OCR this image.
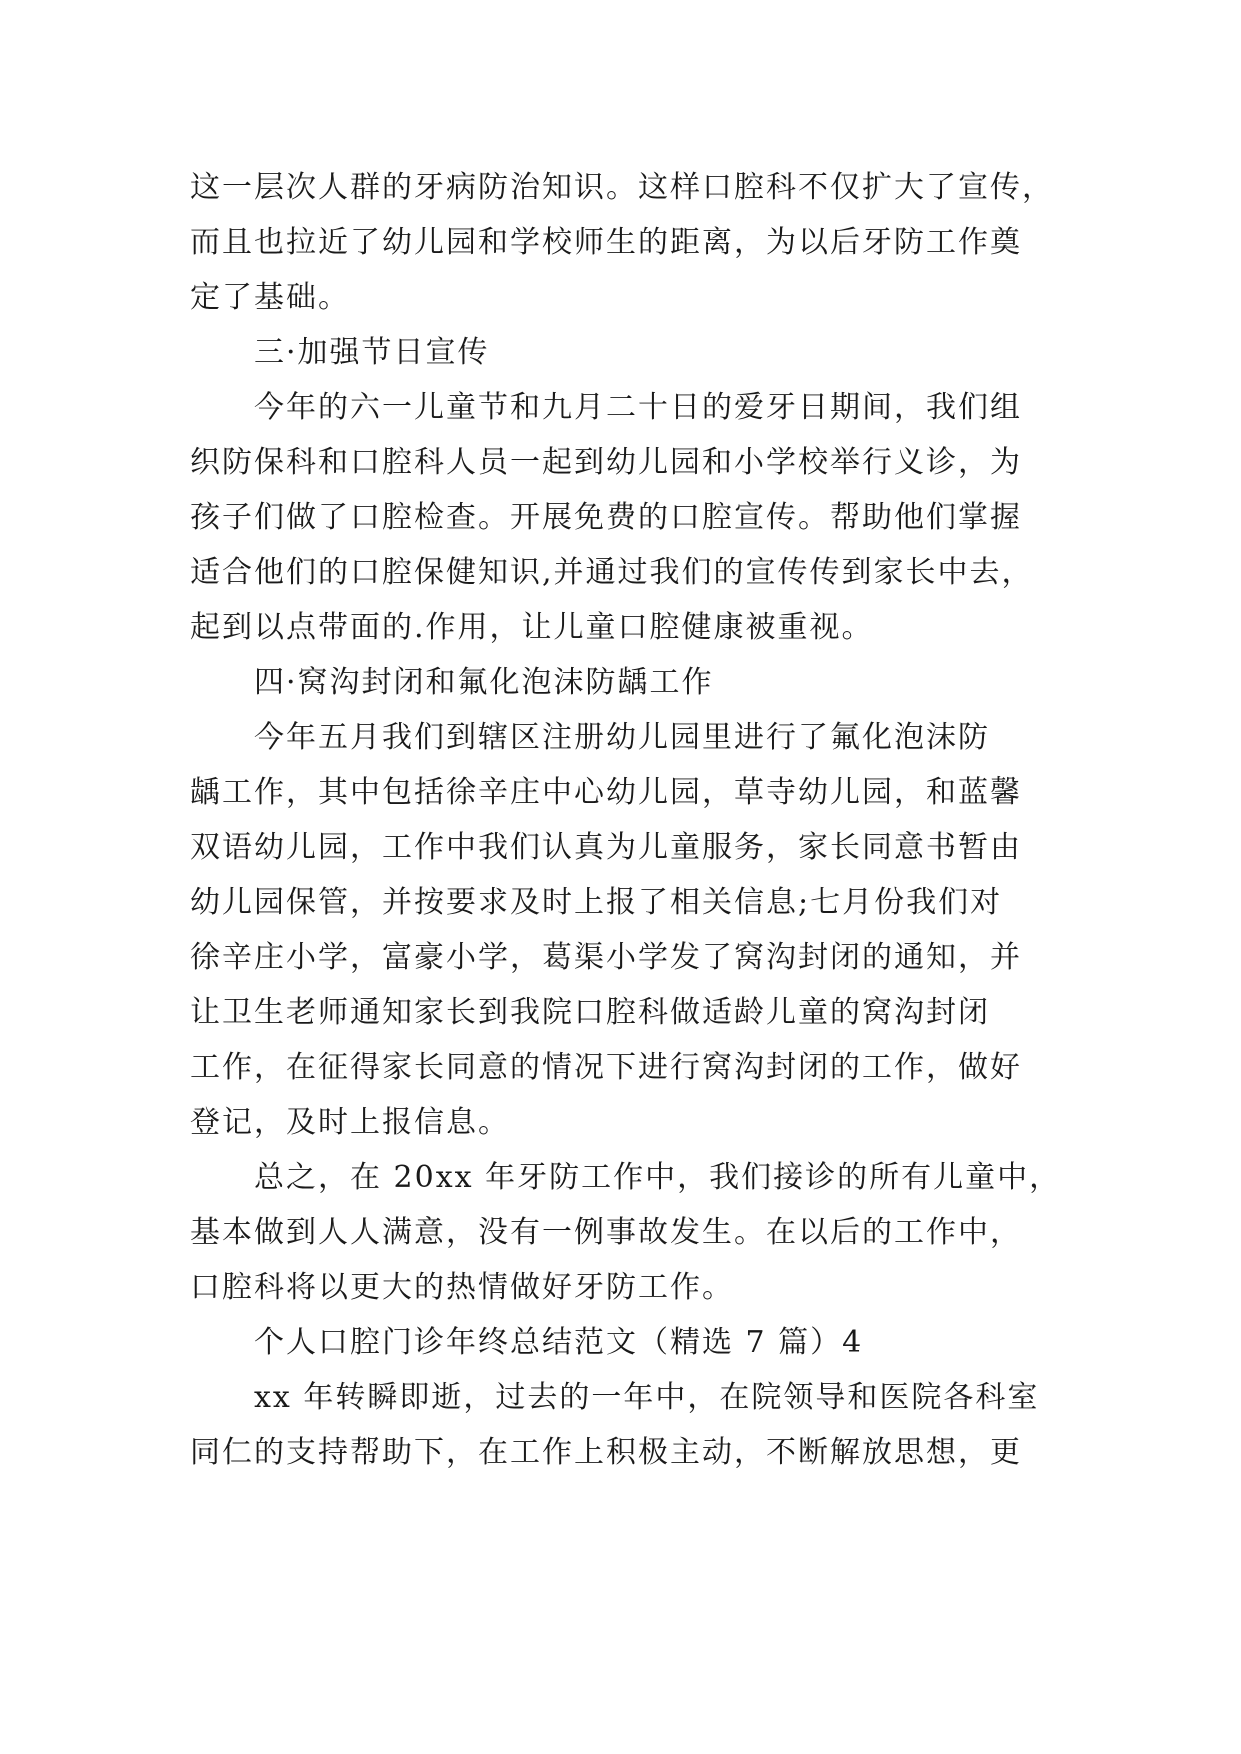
这一层次人群的牙病防治知识。这样口腔科不仅扩大了宣传，
而且也拉近了幼儿园和学校师生的距离，为以后牙防工作奠
定了基础。
三·加强节日宣传
今年的六一儿童节和九月二十日的爱牙日期间，我们组
织防保科和口腔科人员一起到幼儿园和小学校举行义诊，为
孩子们做了口腔检查。开展免费的口腔宣传。帮助他们掌握
适合他们的口腔保健知识,并通过我们的宣传传到家长中去，
起到以点带面的.作用，让儿童口腔健康被重视。
四·窝沟封闭和氟化泡沫防龋工作
今年五月我们到辖区注册幼儿园里进行了氟化泡沫防
龋工作，其中包括徐辛庄中心幼儿园，草寺幼儿园，和蓝馨
双语幼儿园，工作中我们认真为儿童服务，家长同意书暂由
幼儿园保管，并按要求及时上报了相关信息;七月份我们对
徐辛庄小学，富豪小学，葛渠小学发了窝沟封闭的通知，并
让卫生老师通知家长到我院口腔科做适龄儿童的窝沟封闭
工作，在征得家长同意的情况下进行窝沟封闭的工作，做好
登记，及时上报信息。
总之，在 20xx 年牙防工作中，我们接诊的所有儿童中，
基本做到人人满意，没有一例事故发生。在以后的工作中，
口腔科将以更大的热情做好牙防工作。
个人口腔门诊年终总结范文（精选 7 篇）4
xx 年转瞬即逝，过去的一年中，在院领导和医院各科室
同仁的支持帮助下，在工作上积极主动，不断解放思想，更
